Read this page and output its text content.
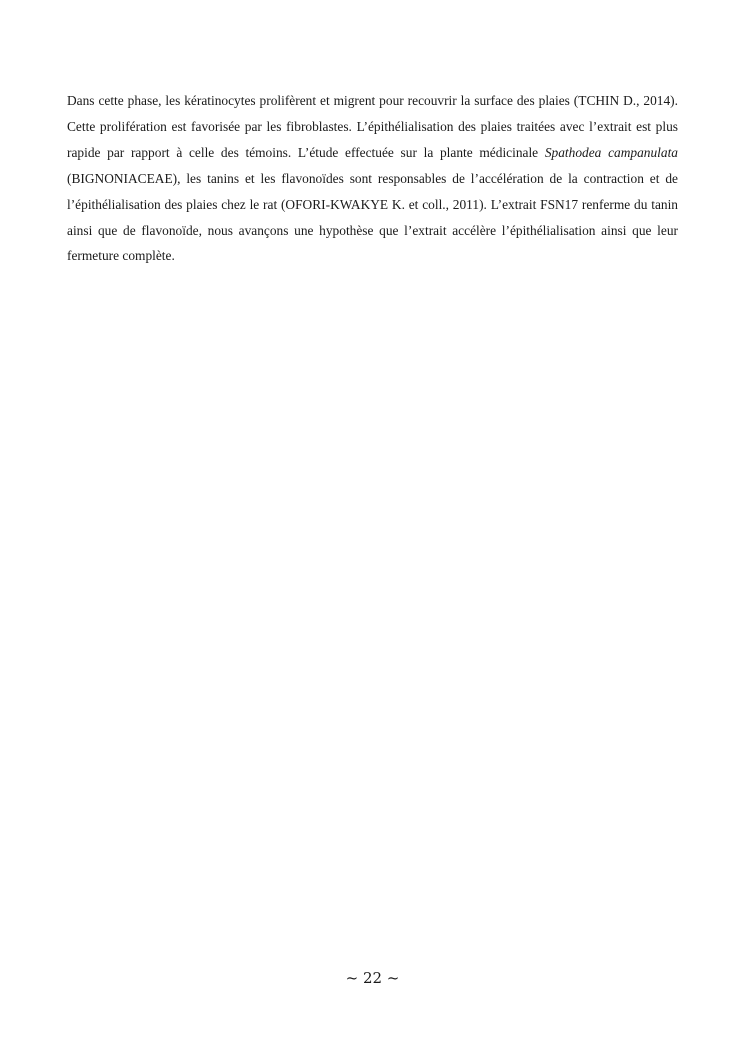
Dans cette phase, les kératinocytes prolifèrent et migrent pour recouvrir la surface des plaies (TCHIN D., 2014). Cette prolifération est favorisée par les fibroblastes. L’épithélialisation des plaies traitées avec l’extrait est plus rapide par rapport à celle des témoins. L’étude effectuée sur la plante médicinale Spathodea campanulata (BIGNONIACEAE), les tanins et les flavonoïdes sont responsables de l’accélération de la contraction et de l’épithélialisation des plaies chez le rat (OFORI-KWAKYE K. et coll., 2011). L’extrait FSN17 renferme du tanin ainsi que de flavonoïde, nous avançons une hypothèse que l’extrait accélère l’épithélialisation ainsi que leur fermeture complète.

~ 22 ~
